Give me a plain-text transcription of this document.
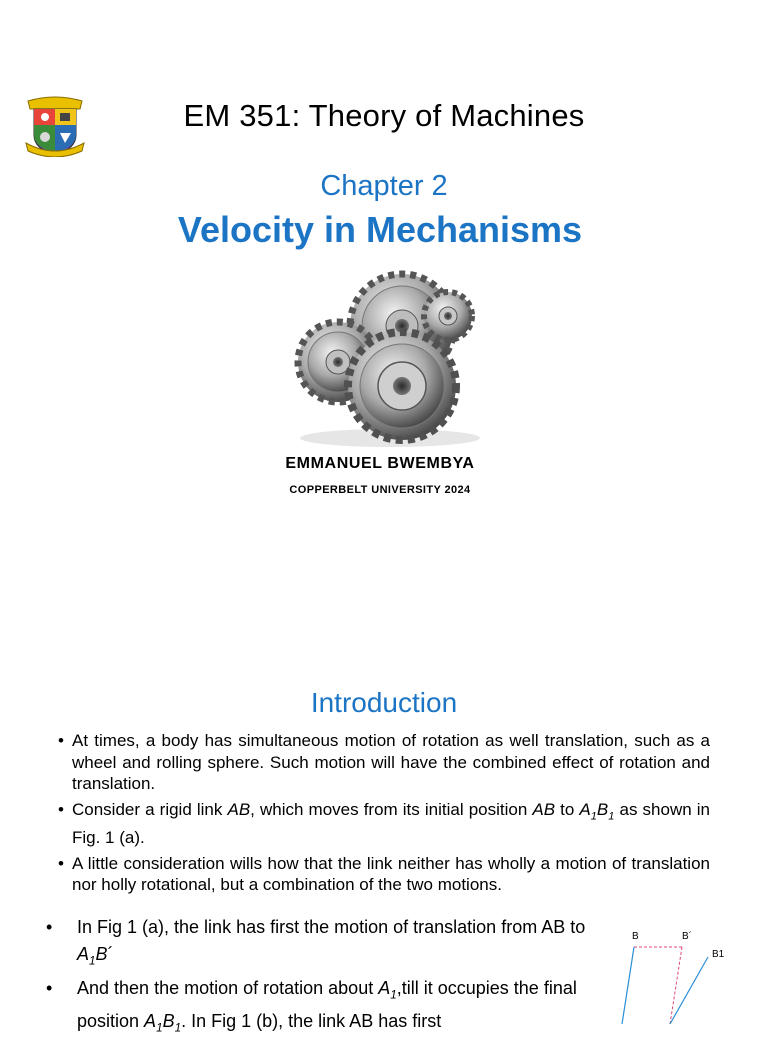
EM 351: Theory of Machines
Chapter 2
Velocity in Mechanisms
EMMANUEL BWEMBYA
COPPERBELT UNIVERSITY 2024
Introduction
• At times, a body has simultaneous motion of rotation as well translation, such as a wheel and rolling sphere. Such motion will have the combined effect of rotation and translation.
• Consider a rigid link AB, which moves from its initial position AB to $A_1B_1$ as shown in Fig. 1 (a).
• A little consideration wills how that the link neither has wholly a motion of translation nor holly rotational, but a combination of the two motions.
• In Fig 1 (a), the link has first the motion of translation from AB to $A_1B´$
• And then the motion of rotation about $A_1,till$ it occupies the final position $A_1B_1$. In Fig 1 (b), the link AB has first
B	B´
B1
